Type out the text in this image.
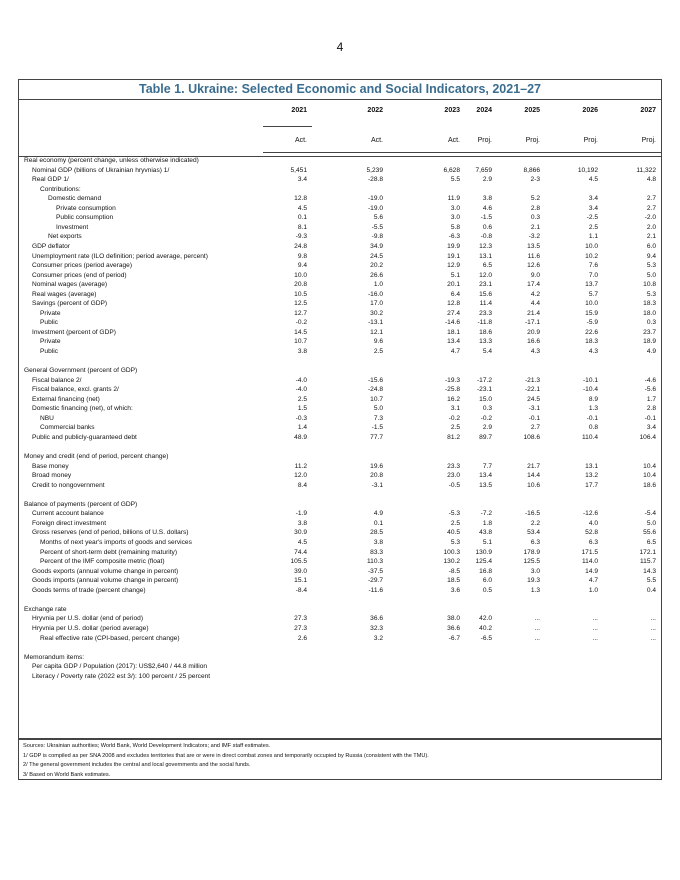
4
Table 1. Ukraine: Selected Economic and Social Indicators, 2021–27
2021	2022	2023	2024	2025	2026	2027
Act.	Act.	Act.	Proj.	Proj.	Proj.	Proj.
Real economy (percent change, unless otherwise indicated)
Nominal GDP (billions of Ukrainian hryvnias) 1/	5,451	5,239	6,628	7,659	8,866	10,192	11,322
Real GDP 1/	3.4	-28.8	5.5	2.9	2-3	4.5	4.8
Contributions:
Domestic demand	12.8	-19.0	11.9	3.8	5.2	3.4	2.7
Private consumption	4.5	-19.0	3.0	4.6	2.8	3.4	2.7
Public consumption	0.1	5.6	3.0	-1.5	0.3	-2.5	-2.0
Investment	8.1	-5.5	5.8	0.6	2.1	2.5	2.0
Net exports	-9.3	-9.8	-6.3	-0.8	-3.2	1.1	2.1
GDP deflator	24.8	34.9	19.9	12.3	13.5	10.0	6.0
Unemployment rate (ILO definition; period average, percent)	9.8	24.5	19.1	13.1	11.6	10.2	9.4
Consumer prices (period average)	9.4	20.2	12.9	6.5	12.6	7.6	5.3
Consumer prices (end of period)	10.0	26.6	5.1	12.0	9.0	7.0	5.0
Nominal wages (average)	20.8	1.0	20.1	23.1	17.4	13.7	10.8
Real wages (average)	10.5	-16.0	6.4	15.6	4.2	5.7	5.3
Savings (percent of GDP)	12.5	17.0	12.8	11.4	4.4	10.0	18.3
Private	12.7	30.2	27.4	23.3	21.4	15.9	18.0
Public	-0.2	-13.1	-14.6	-11.8	-17.1	-5.9	0.3
Investment (percent of GDP)	14.5	12.1	18.1	18.6	20.9	22.6	23.7
Private	10.7	9.6	13.4	13.3	16.6	18.3	18.9
Public	3.8	2.5	4.7	5.4	4.3	4.3	4.9
General Government (percent of GDP)
Fiscal balance 2/	-4.0	-15.6	-19.3	-17.2	-21.3	-10.1	-4.6
Fiscal balance, excl. grants 2/	-4.0	-24.8	-25.8	-23.1	-22.1	-10.4	-5.6
External financing (net)	2.5	10.7	16.2	15.0	24.5	8.9	1.7
Domestic financing (net), of which:	1.5	5.0	3.1	0.3	-3.1	1.3	2.8
NBU	-0.3	7.3	-0.2	-0.2	-0.1	-0.1	-0.1
Commercial banks	1.4	-1.5	2.5	2.9	2.7	0.8	3.4
Public and publicly-guaranteed debt	48.9	77.7	81.2	89.7	108.6	110.4	106.4
Money and credit (end of period, percent change)
Base money	11.2	19.6	23.3	7.7	21.7	13.1	10.4
Broad money	12.0	20.8	23.0	13.4	14.4	13.2	10.4
Credit to nongovernment	8.4	-3.1	-0.5	13.5	10.6	17.7	18.6
Balance of payments (percent of GDP)
Current account balance	-1.9	4.9	-5.3	-7.2	-16.5	-12.6	-5.4
Foreign direct investment	3.8	0.1	2.5	1.8	2.2	4.0	5.0
Gross reserves (end of period, billions of U.S. dollars)	30.9	28.5	40.5	43.8	53.4	52.8	55.6
Months of next year's imports of goods and services	4.5	3.8	5.3	5.1	6.3	6.3	6.5
Percent of short-term debt (remaining maturity)	74.4	83.3	100.3	130.9	178.9	171.5	172.1
Percent of the IMF composite metric (float)	105.5	110.3	130.2	125.4	125.5	114.0	115.7
Goods exports (annual volume change in percent)	39.0	-37.5	-8.5	16.8	3.0	14.9	14.3
Goods imports (annual volume change in percent)	15.1	-29.7	18.5	6.0	19.3	4.7	5.5
Goods terms of trade (percent change)	-8.4	-11.6	3.6	0.5	1.3	1.0	0.4
Exchange rate
Hryvnia per U.S. dollar (end of period)	27.3	36.6	38.0	42.0	...	...	...
Hryvnia per U.S. dollar (period average)	27.3	32.3	36.6	40.2	...	...	...
Real effective rate (CPI-based, percent change)	2.6	3.2	-6.7	-6.5	...	...	...
Memorandum items:
Per capita GDP / Population (2017): US$2,640 / 44.8 million
Literacy / Poverty rate (2022 est 3/): 100 percent / 25 percent
Sources: Ukrainian authorities; World Bank, World Development Indicators; and IMF staff estimates.
1/ GDP is compiled as per SNA 2008 and excludes territories that are or were in direct combat zones and temporarily occupied by Russia (consistent with the TMU).
2/ The general government includes the central and local governments and the social funds.
3/ Based on World Bank estimates.
